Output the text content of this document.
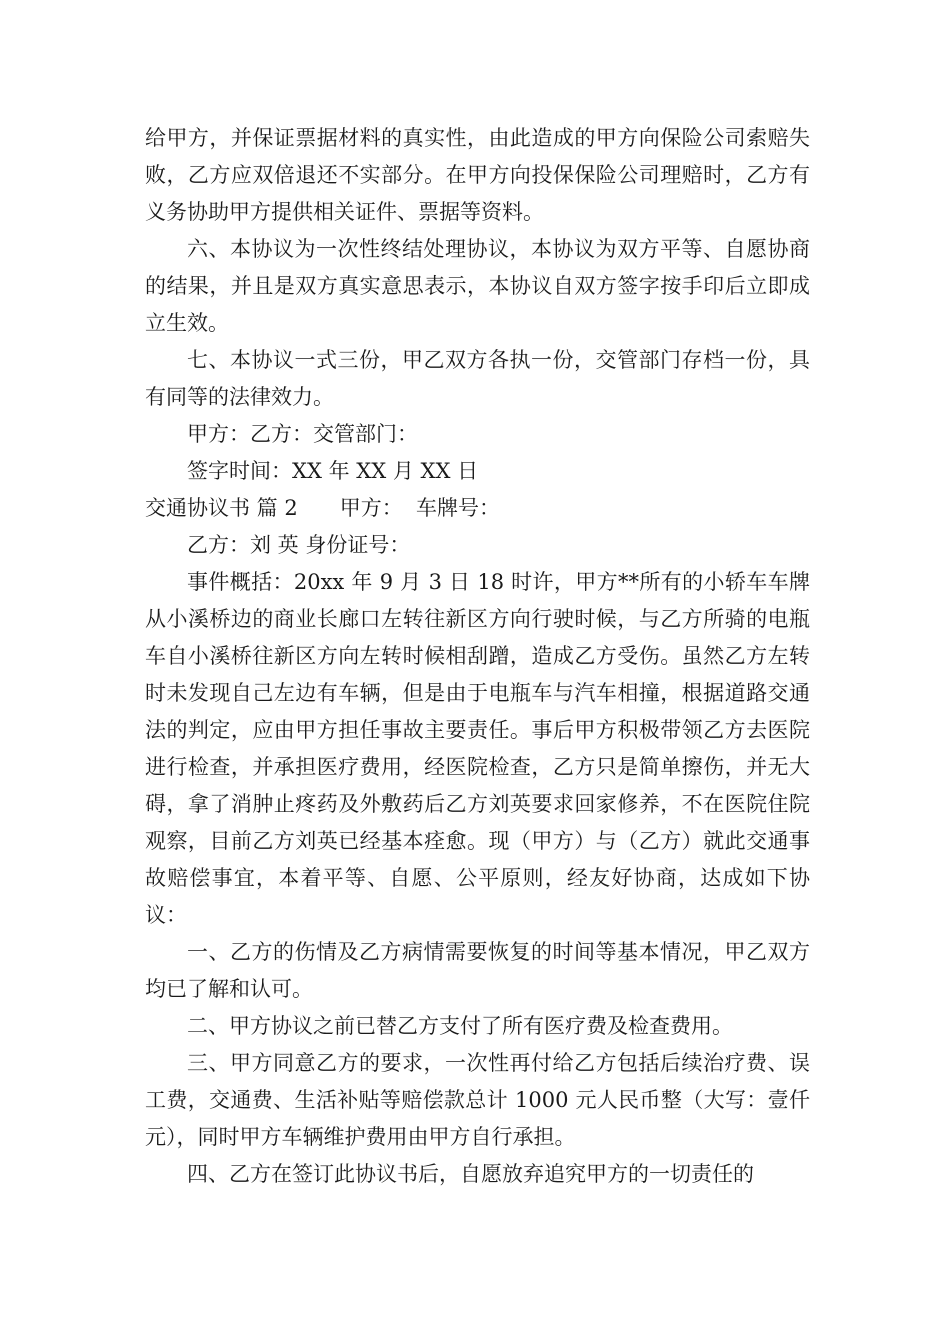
给甲方，并保证票据材料的真实性，由此造成的甲方向保险公司索赔失败，乙方应双倍退还不实部分。在甲方向投保保险公司理赔时，乙方有义务协助甲方提供相关证件、票据等资料。

六、本协议为一次性终结处理协议，本协议为双方平等、自愿协商的结果，并且是双方真实意思表示，本协议自双方签字按手印后立即成立生效。

七、本协议一式三份，甲乙双方各执一份，交管部门存档一份，具有同等的法律效力。

甲方：乙方：交管部门：

签字时间：XX 年 XX 月 XX 日

交通协议书 篇 2　　甲方：  车牌号：

乙方：刘 英 身份证号：

事件概括：20xx 年 9 月 3 日 18 时许，甲方**所有的小轿车车牌从小溪桥边的商业长廊口左转往新区方向行驶时候，与乙方所骑的电瓶车自小溪桥往新区方向左转时候相刮蹭，造成乙方受伤。虽然乙方左转时未发现自己左边有车辆，但是由于电瓶车与汽车相撞，根据道路交通法的判定，应由甲方担任事故主要责任。事后甲方积极带领乙方去医院进行检查，并承担医疗费用，经医院检查，乙方只是简单擦伤，并无大碍，拿了消肿止疼药及外敷药后乙方刘英要求回家修养，不在医院住院观察，目前乙方刘英已经基本痊愈。现（甲方）与（乙方）就此交通事故赔偿事宜，本着平等、自愿、公平原则，经友好协商，达成如下协议：

一、乙方的伤情及乙方病情需要恢复的时间等基本情况，甲乙双方均已了解和认可。

二、甲方协议之前已替乙方支付了所有医疗费及检查费用。

三、甲方同意乙方的要求，一次性再付给乙方包括后续治疗费、误工费，交通费、生活补贴等赔偿款总计 1000 元人民币整（大写：壹仟元），同时甲方车辆维护费用由甲方自行承担。

四、乙方在签订此协议书后，自愿放弃追究甲方的一切责任的
